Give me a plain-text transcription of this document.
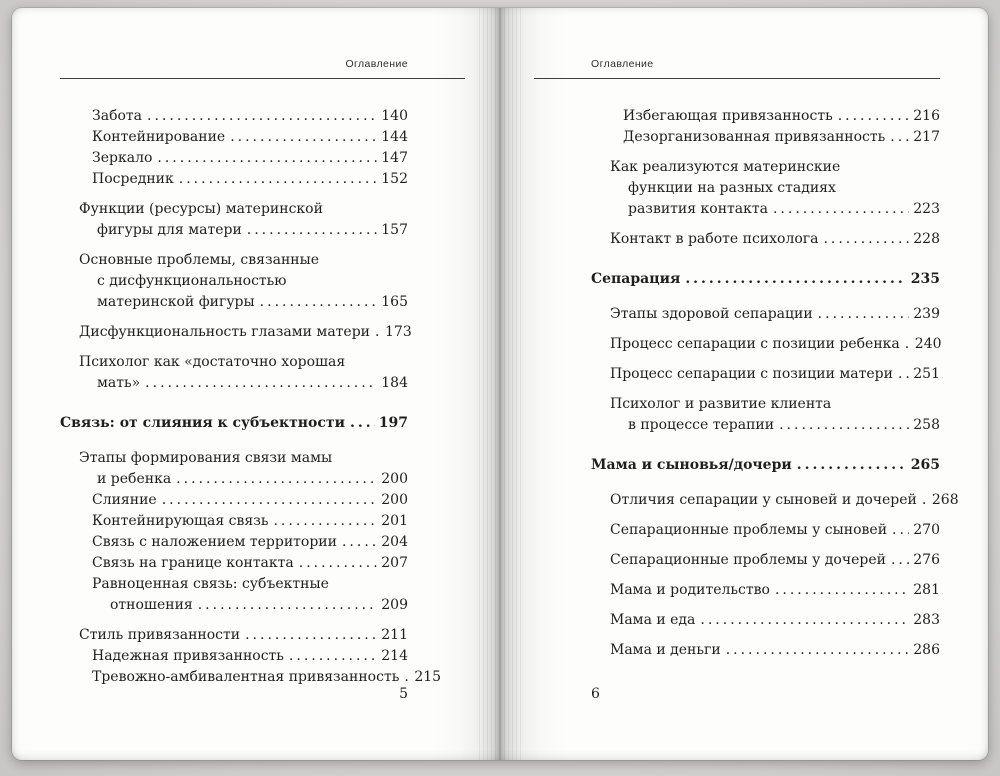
Оглавление
Забота .....	140
Контейнирование .....	144
Зеркало .....	147
Посредник .....	152
Функции (ресурсы) материнской
фигуры для матери .....	157
Основные проблемы, связанные
с дисфункциональностью
материнской фигуры .....	165
Дисфункциональность глазами матери ..... 173
Психолог как «достаточно хорошая
мать» .....	184
Связь: от слияния к субъектности ..... 197
Этапы формирования связи мамы
и ребенка .....	200
Слияние .....	200
Контейнирующая связь .....	201
Связь с наложением территории .....	204
Связь на границе контакта .....	207
Равноценная связь: субъектные
отношения .....	209
Стиль привязанности .....	211
Надежная привязанность .....	214
Тревожно-амбивалентная привязанность ..... 215
5
Оглавление
Избегающая привязанность .....	216
Дезорганизованная привязанность ..... 217
Как реализуются материнские
функции на разных стадиях
развития контакта .....	223
Контакт в работе психолога .....	228
Сепарация .....	235
Этапы здоровой сепарации .....	239
Процесс сепарации с позиции ребенка ..... 240
Процесс сепарации с позиции матери ..... 251
Психолог и развитие клиента
в процессе терапии .....	258
Мама и сыновья/дочери .....	265
Отличия сепарации у сыновей и дочерей ..... 268
Сепарационные проблемы у сыновей ..... 270
Сепарационные проблемы у дочерей ..... 276
Мама и родительство .....	281
Мама и еда .....	283
Мама и деньги .....	286
6
